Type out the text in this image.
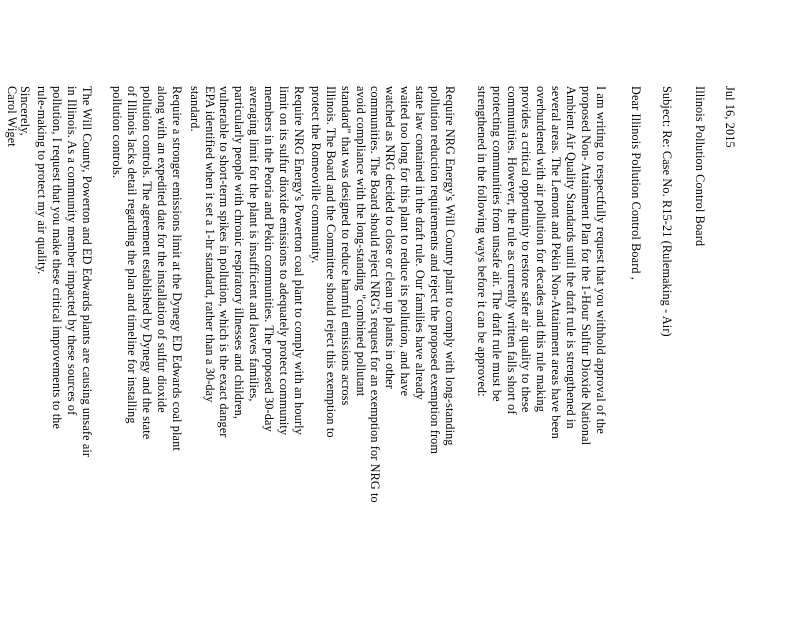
Jul 16, 2015

Illinois Pollution Control Board

Subject: Re: Case No. R15-21 (Rulemaking - Air)

Dear Illinois Pollution Control Board ,

I am writing to respectfully request that you withhold approval of the
proposed Non- Attainment Plan for the 1-Hour Sulfur Dioxide National
Ambient Air Quality Standards until the draft rule is strengthened in
several areas. The Lemont and Pekin Non-Attainment areas have been
overburdened with air pollution for decades and this rule making
provides a critical opportunity to restore safer air quality to these
communities. However, the rule as currently written falls short of
protecting communities from unsafe air. The draft rule must be
strengthened in the following ways before it can be approved:
Require NRG Energy's Will County plant to comply with long-standing
pollution reduction requirements and reject the proposed exemption from
state law contained in the draft rule. Our families have already
waited too long for this plant to reduce its pollution, and have
watched as NRG decided to close or clean up plants in other
communities. The Board should reject NRG's request for an exemption for NRG to
avoid compliance with the long-standing "combined pollutant
standard" that was designed to reduce harmful emissions across
Illinois. The Board and the Committee should reject this exemption to
protect the Romeoville community.
Require NRG Energy's Powerton coal plant to comply with an hourly
limit on its sulfur dioxide emissions to adequately protect community
members in the Peoria and Pekin communities. The proposed 30-day
averaging limit for the plant is insufficient and leaves families,
particularly people with chronic respiratory illnesses and children,
vulnerable to short-term spikes in pollution, which is the exact danger
EPA identified when it set a 1-hr standard, rather than a 30-day
standard.
Require a stronger emissions limit at the Dynegy ED Edwards coal plant
along with an expedited date for the installation of sulfur dioxide
pollution controls. The agreement established by Dynegy and the state
of Illinois lacks detail regarding the plan and timeline for installing
pollution controls.
The Will County, Powerton and ED Edwards plants are causing unsafe air
in Illinois. As a community member impacted by these sources of
pollution, I request that you make these critical improvements to the
rule-making to protect my air quality.

Sincerely,

Carol Wiget
